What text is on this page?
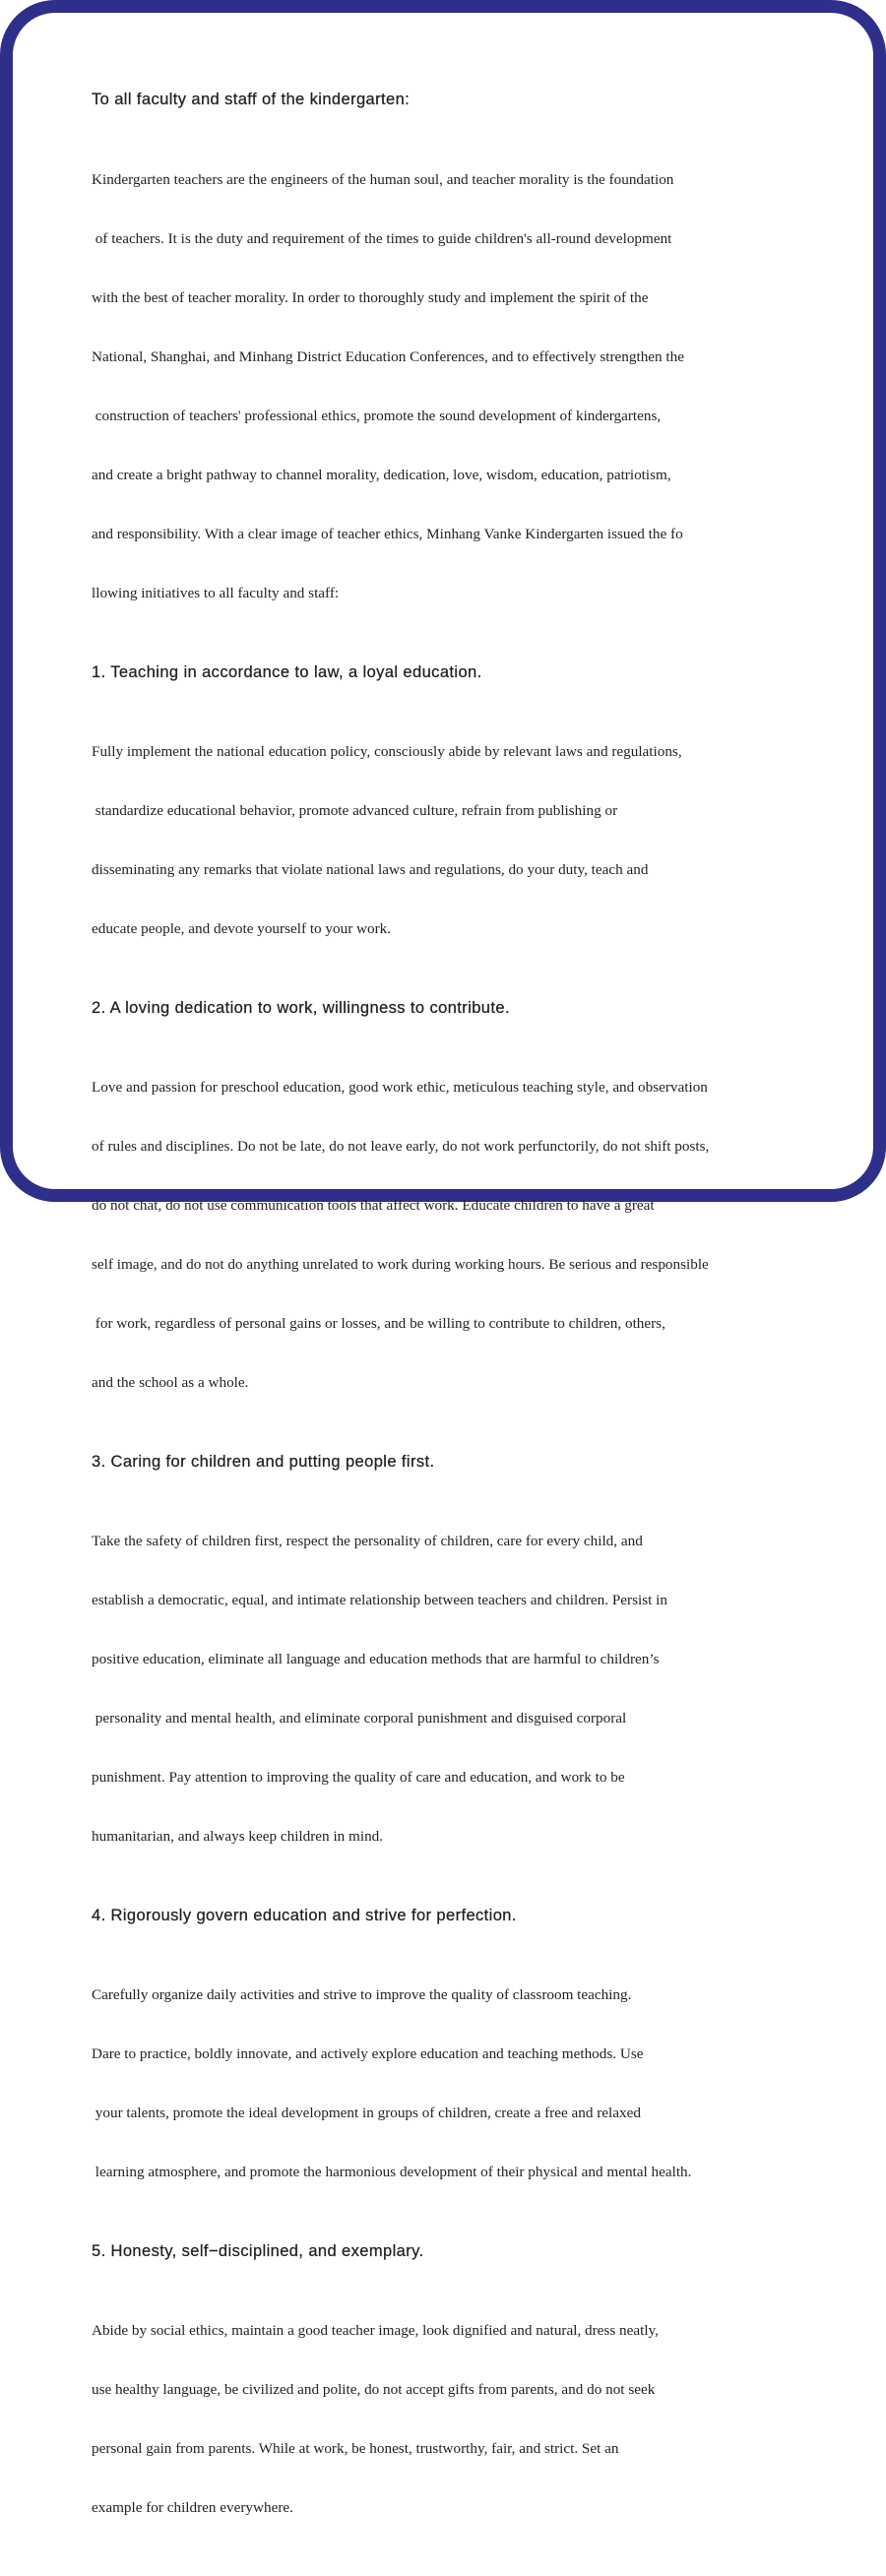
To all faculty and staff of the kindergarten:

Kindergarten teachers are the engineers of the human soul, and teacher morality is the foundation

of teachers. It is the duty and requirement of the times to guide children's all-round development

with the best of teacher morality. In order to thoroughly study and implement the spirit of the

National, Shanghai, and Minhang District Education Conferences, and to effectively strengthen the

construction of teachers' professional ethics, promote the sound development of kindergartens,

and create a bright pathway to channel morality, dedication, love, wisdom, education, patriotism,

and responsibility. With a clear image of teacher ethics, Minhang Vanke Kindergarten issued the fo

llowing initiatives to all faculty and staff:

1. Teaching in accordance to law, a loyal education.

Fully implement the national education policy, consciously abide by relevant laws and regulations,

standardize educational behavior, promote advanced culture, refrain from publishing or

disseminating any remarks that violate national laws and regulations, do your duty, teach and

educate people, and devote yourself to your work.

2. A loving dedication to work, willingness to contribute.

Love and passion for preschool education, good work ethic, meticulous teaching style, and observation

of rules and disciplines. Do not be late, do not leave early, do not work perfunctorily, do not shift posts,

do not chat, do not use communication tools that affect work. Educate children to have a great

self image, and do not do anything unrelated to work during working hours. Be serious and responsible

for work, regardless of personal gains or losses, and be willing to contribute to children, others,

and the school as a whole.

3. Caring for children and putting people first.

Take the safety of children first, respect the personality of children, care for every child, and

establish a democratic, equal, and intimate relationship between teachers and children. Persist in

positive education, eliminate all language and education methods that are harmful to children’s

personality and mental health, and eliminate corporal punishment and disguised corporal

punishment. Pay attention to improving the quality of care and education, and work to be

humanitarian, and always keep children in mind.

4. Rigorously govern education and strive for perfection.

Carefully organize daily activities and strive to improve the quality of classroom teaching.

Dare to practice, boldly innovate, and actively explore education and teaching methods. Use

your talents, promote the ideal development in groups of children, create a free and relaxed

learning atmosphere, and promote the harmonious development of their physical and mental health.

5. Honesty, self−disciplined, and exemplary.

Abide by social ethics, maintain a good teacher image, look dignified and natural, dress neatly,

use healthy language, be civilized and polite, do not accept gifts from parents, and do not seek

personal gain from parents. While at work, be honest, trustworthy, fair, and strict. Set an

example for children everywhere.
